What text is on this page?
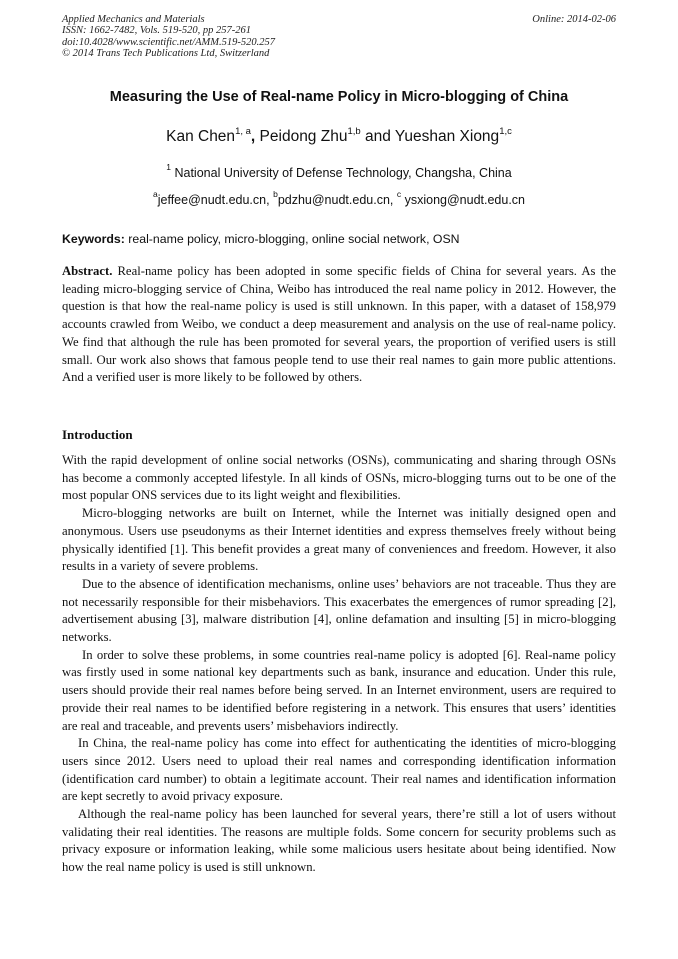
Applied Mechanics and Materials
ISSN: 1662-7482, Vols. 519-520, pp 257-261
doi:10.4028/www.scientific.net/AMM.519-520.257
© 2014 Trans Tech Publications Ltd, Switzerland
Online: 2014-02-06
Measuring the Use of Real-name Policy in Micro-blogging of China
Kan Chen$^{1, a}$, Peidong Zhu$^{1,b}$ and Yueshan Xiong$^{1,c}$
$^1$ National University of Defense Technology, Changsha, China
$^a$jeffee@nudt.edu.cn, $^b$pdzhu@nudt.edu.cn, $^c$ ysxiong@nudt.edu.cn
Keywords: real-name policy, micro-blogging, online social network, OSN
Abstract. Real-name policy has been adopted in some specific fields of China for several years. As the leading micro-blogging service of China, Weibo has introduced the real name policy in 2012. However, the question is that how the real-name policy is used is still unknown. In this paper, with a dataset of 158,979 accounts crawled from Weibo, we conduct a deep measurement and analysis on the use of real-name policy. We find that although the rule has been promoted for several years, the proportion of verified users is still small. Our work also shows that famous people tend to use their real names to gain more public attentions. And a verified user is more likely to be followed by others.
Introduction

With the rapid development of online social networks (OSNs), communicating and sharing through OSNs has become a commonly accepted lifestyle. In all kinds of OSNs, micro-blogging turns out to be one of the most popular ONS services due to its light weight and flexibilities.

Micro-blogging networks are built on Internet, while the Internet was initially designed open and anonymous. Users use pseudonyms as their Internet identities and express themselves freely without being physically identified [1]. This benefit provides a great many of conveniences and freedom. However, it also results in a variety of severe problems.

Due to the absence of identification mechanisms, online uses’ behaviors are not traceable. Thus they are not necessarily responsible for their misbehaviors. This exacerbates the emergences of rumor spreading [2], advertisement abusing [3], malware distribution [4], online defamation and insulting [5] in micro-blogging networks.

In order to solve these problems, in some countries real-name policy is adopted [6]. Real-name policy was firstly used in some national key departments such as bank, insurance and education. Under this rule, users should provide their real names before being served. In an Internet environment, users are required to provide their real names to be identified before registering in a network. This ensures that users’ identities are real and traceable, and prevents users’ misbehaviors indirectly.

In China, the real-name policy has come into effect for authenticating the identities of micro-blogging users since 2012. Users need to upload their real names and corresponding identification information (identification card number) to obtain a legitimate account. Their real names and identification information are kept secretly to avoid privacy exposure.

Although the real-name policy has been launched for several years, there’re still a lot of users without validating their real identities. The reasons are multiple folds. Some concern for security problems such as privacy exposure or information leaking, while some malicious users hesitate about being identified. Now how the real name policy is used is still unknown.
